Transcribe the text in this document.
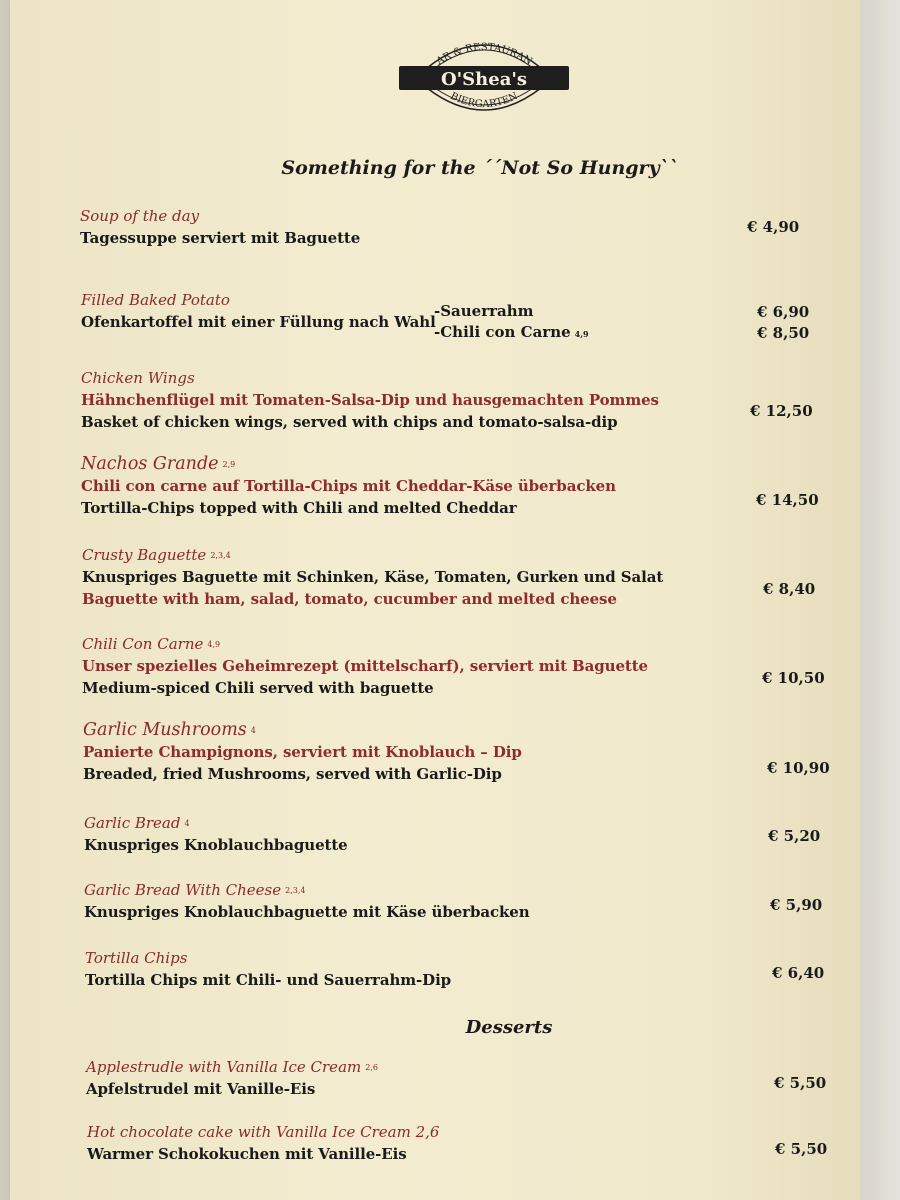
AR & RESTAURAN
O'Shea's
BIERGARTEN
Something for the ´´Not So Hungry``
Soup of the day
Tagessuppe serviert mit Baguette
€ 4,90
Filled Baked Potato
Ofenkartoffel mit einer Füllung nach Wahl
-Sauerrahm
-Chili con Carne 4,9
€ 6,90
€ 8,50
Chicken Wings
Hähnchenflügel mit Tomaten-Salsa-Dip und hausgemachten Pommes
Basket of chicken wings, served with chips and tomato-salsa-dip
€ 12,50
Nachos Grande 2,9
Chili con carne auf Tortilla-Chips mit Cheddar-Käse überbacken
Tortilla-Chips topped with Chili and melted Cheddar	€ 14,50
Crusty Baguette 2,3,4
Knuspriges Baguette mit Schinken, Käse, Tomaten, Gurken und Salat
Baguette with ham, salad, tomato, cucumber and melted cheese
€ 8,40
Chili Con Carne 4,9
Unser spezielles Geheimrezept (mittelscharf), serviert mit Baguette
Medium-spiced Chili served with baguette
€ 10,50
Garlic Mushrooms 4
Panierte Champignons, serviert mit Knoblauch – Dip
Breaded, fried Mushrooms, served with Garlic-Dip	€ 10,90
Garlic Bread 4
Knuspriges Knoblauchbaguette	€ 5,20
Garlic Bread With Cheese 2,3,4
Knuspriges Knoblauchbaguette mit Käse überbacken	€ 5,90
Tortilla Chips
Tortilla Chips mit Chili- und Sauerrahm-Dip	€ 6,40
Desserts
Applestrudle with Vanilla Ice Cream 2,6
Apfelstrudel mit Vanille-Eis	€ 5,50
Hot chocolate cake with Vanilla Ice Cream 2,6
Warmer Schokokuchen mit Vanille-Eis	€ 5,50
